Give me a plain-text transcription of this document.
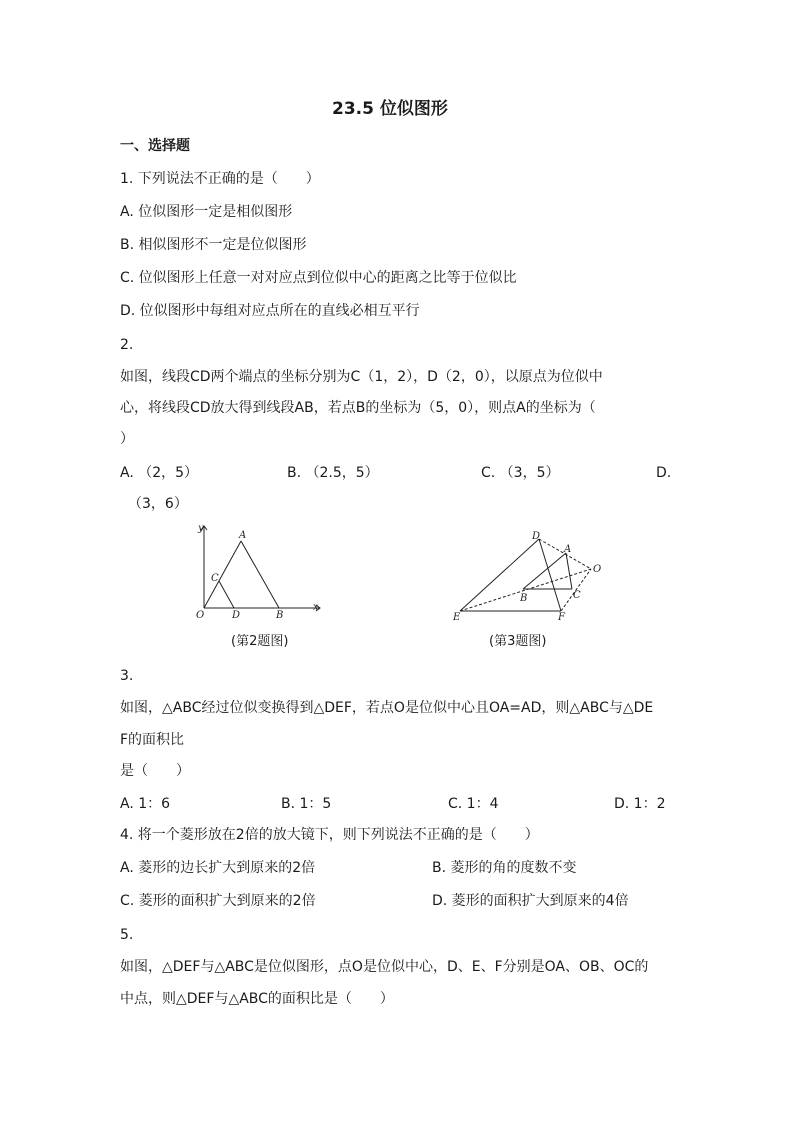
23.5 位似图形
一、选择题
1. 下列说法不正确的是（　　）
A. 位似图形一定是相似图形
B. 相似图形不一定是位似图形
C. 位似图形上任意一对对应点到位似中心的距离之比等于位似比
D. 位似图形中每组对应点所在的直线必相互平行
2.
如图，线段CD两个端点的坐标分别为C（1，2），D（2，0），以原点为位似中
心，将线段CD放大得到线段AB，若点B的坐标为（5，0），则点A的坐标为（
）
A. （2，5）	B. （2.5，5）	C. （3，5）	D.
（3，6）
y
x
O
A
C
D	B
(第2题图)
D
A
O
B	C
E	F
(第3题图)
3.
如图，△ABC经过位似变换得到△DEF，若点O是位似中心且OA=AD，则△ABC与△DE
F的面积比
是（　　）
A. 1：6	B. 1：5	C. 1：4	D. 1：2
4. 将一个菱形放在2倍的放大镜下，则下列说法不正确的是（　　）
A. 菱形的边长扩大到原来的2倍	B. 菱形的角的度数不变
C. 菱形的面积扩大到原来的2倍	D. 菱形的面积扩大到原来的4倍
5.
如图，△DEF与△ABC是位似图形，点O是位似中心，D、E、F分别是OA、OB、OC的
中点，则△DEF与△ABC的面积比是（　　）
